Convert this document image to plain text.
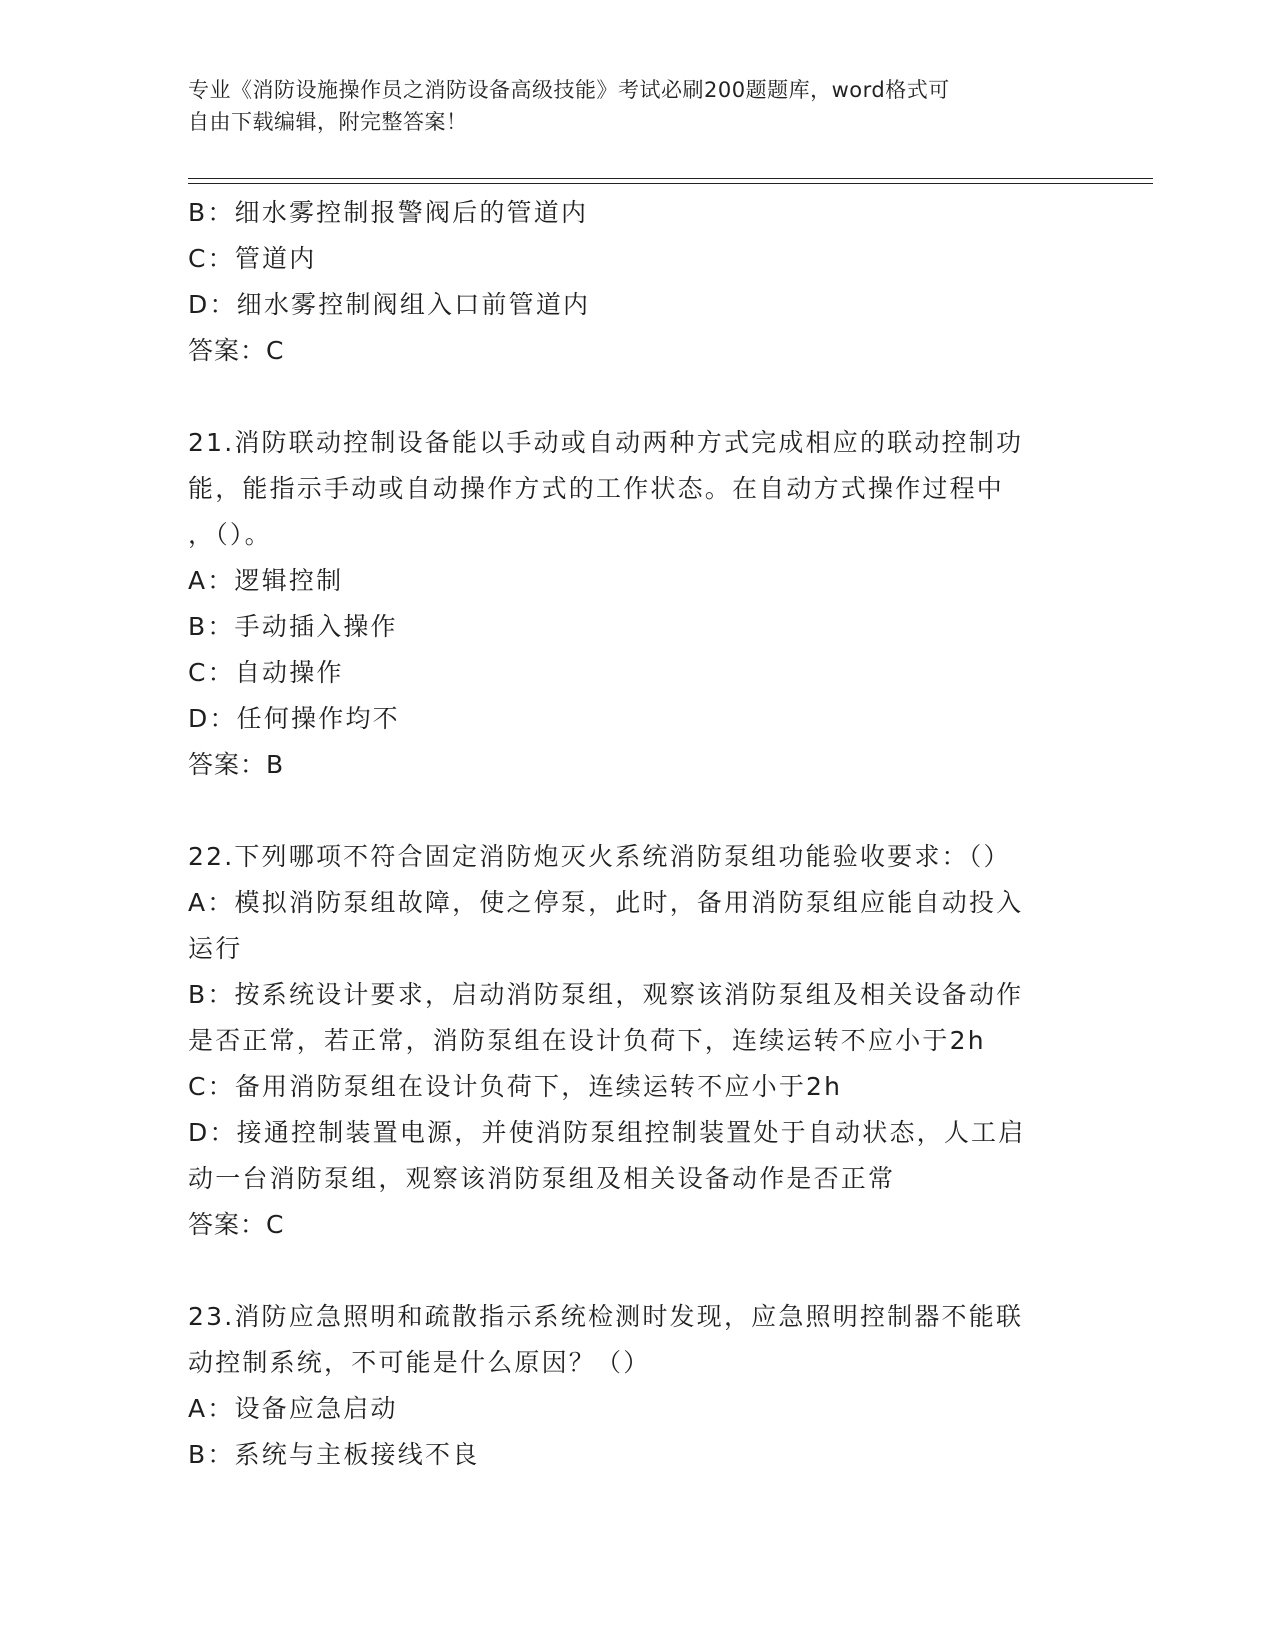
专业《消防设施操作员之消防设备高级技能》考试必刷200题题库，word格式可
自由下载编辑，附完整答案！
B：细水雾控制报警阀后的管道内
C：管道内
D：细水雾控制阀组入口前管道内
答案：C
21.消防联动控制设备能以手动或自动两种方式完成相应的联动控制功
能，能指示手动或自动操作方式的工作状态。在自动方式操作过程中
，（）。
A：逻辑控制
B：手动插入操作
C：自动操作
D：任何操作均不
答案：B
22.下列哪项不符合固定消防炮灭火系统消防泵组功能验收要求：（）
A：模拟消防泵组故障，使之停泵，此时，备用消防泵组应能自动投入
运行
B：按系统设计要求，启动消防泵组，观察该消防泵组及相关设备动作
是否正常，若正常，消防泵组在设计负荷下，连续运转不应小于2h
C：备用消防泵组在设计负荷下，连续运转不应小于2h
D：接通控制装置电源，并使消防泵组控制装置处于自动状态，人工启
动一台消防泵组，观察该消防泵组及相关设备动作是否正常
答案：C
23.消防应急照明和疏散指示系统检测时发现，应急照明控制器不能联
动控制系统，不可能是什么原因？（）
A：设备应急启动
B：系统与主板接线不良
